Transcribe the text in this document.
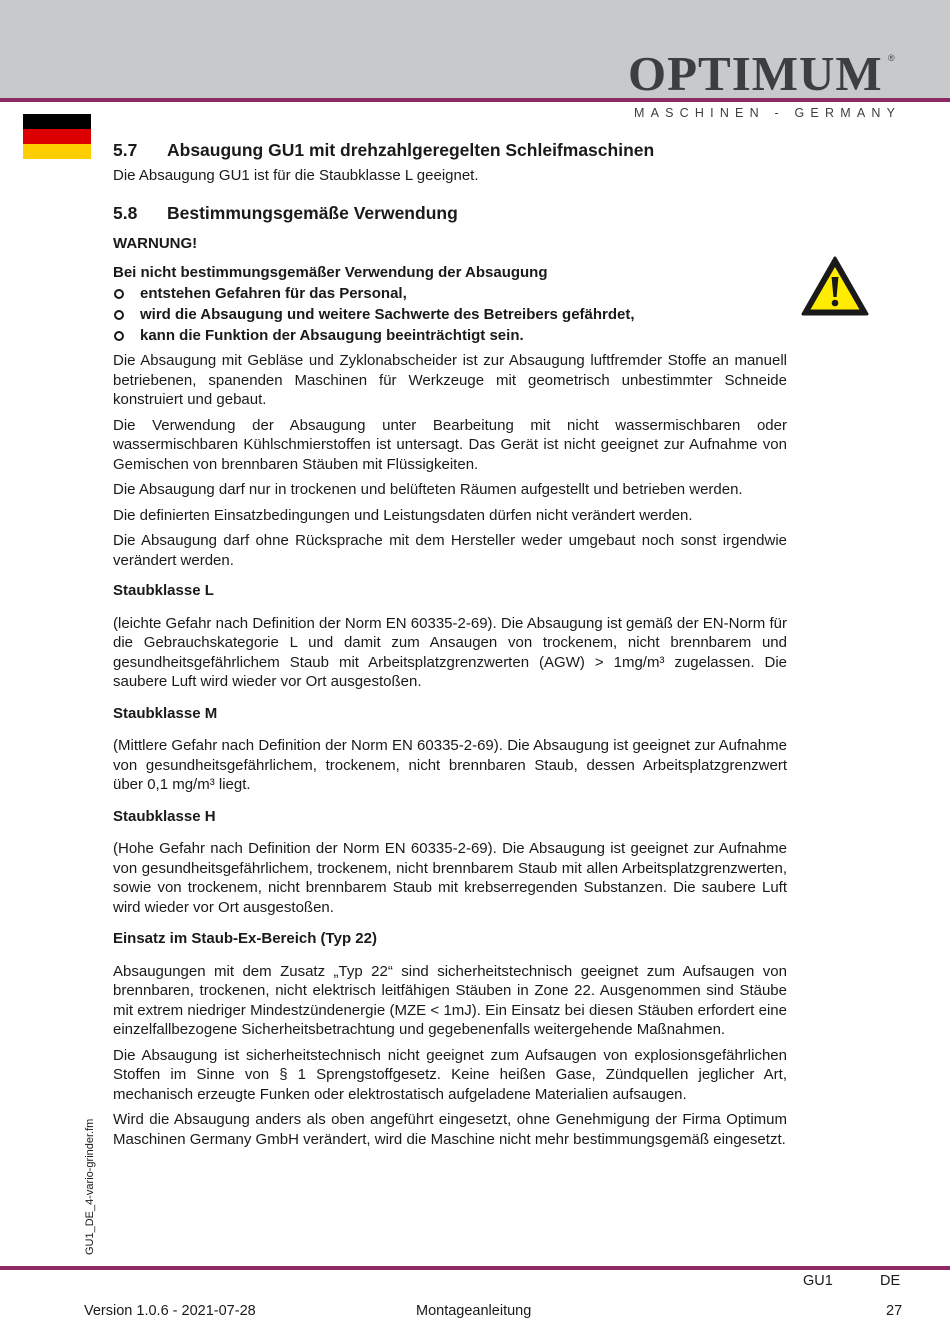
OPTIMUM ®
MASCHINEN - GERMANY
5.7 Absaugung GU1 mit drehzahlgeregelten Schleifmaschinen

Die Absaugung GU1 ist für die Staubklasse L geeignet.

5.8 Bestimmungsgemäße Verwendung

WARNUNG!

Bei nicht bestimmungsgemäßer Verwendung der Absaugung

entstehen Gefahren für das Personal,
wird die Absaugung und weitere Sachwerte des Betreibers gefährdet,
kann die Funktion der Absaugung beeinträchtigt sein.

Die Absaugung mit Gebläse und Zyklonabscheider ist zur Absaugung luftfremder Stoffe an manuell betriebenen, spanenden Maschinen für Werkzeuge mit geometrisch unbestimmter Schneide konstruiert und gebaut.

Die Verwendung der Absaugung unter Bearbeitung mit nicht wassermischbaren oder wassermischbaren Kühlschmierstoffen ist untersagt. Das Gerät ist nicht geeignet zur Aufnahme von Gemischen von brennbaren Stäuben mit Flüssigkeiten.

Die Absaugung darf nur in trockenen und belüfteten Räumen aufgestellt und betrieben werden.

Die definierten Einsatzbedingungen und Leistungsdaten dürfen nicht verändert werden.

Die Absaugung darf ohne Rücksprache mit dem Hersteller weder umgebaut noch sonst irgendwie verändert werden.

Staubklasse L

(leichte Gefahr nach Definition der Norm EN 60335-2-69). Die Absaugung ist gemäß der EN-Norm für die Gebrauchskategorie L und damit zum Ansaugen von trockenem, nicht brennbarem und gesundheitsgefährlichem Staub mit Arbeitsplatzgrenzwerten (AGW) > 1mg/m³ zugelassen. Die saubere Luft wird wieder vor Ort ausgestoßen.

Staubklasse M

(Mittlere Gefahr nach Definition der Norm EN 60335-2-69). Die Absaugung ist geeignet zur Aufnahme von gesundheitsgefährlichem, trockenem, nicht brennbaren Staub, dessen Arbeitsplatzgrenzwert über 0,1 mg/m³ liegt.

Staubklasse H

(Hohe Gefahr nach Definition der Norm EN 60335-2-69). Die Absaugung ist geeignet zur Aufnahme von gesundheitsgefährlichem, trockenem, nicht brennbarem Staub mit allen Arbeitsplatzgrenzwerten, sowie von trockenem, nicht brennbarem Staub mit krebserregenden Substanzen. Die saubere Luft wird wieder vor Ort ausgestoßen.

Einsatz im Staub-Ex-Bereich (Typ 22)

Absaugungen mit dem Zusatz „Typ 22“ sind sicherheitstechnisch geeignet zum Aufsaugen von brennbaren, trockenen, nicht elektrisch leitfähigen Stäuben in Zone 22. Ausgenommen sind Stäube mit extrem niedriger Mindestzündenergie (MZE < 1mJ). Ein Einsatz bei diesen Stäuben erfordert eine einzelfallbezogene Sicherheitsbetrachtung und gegebenenfalls weitergehende Maßnahmen.

Die Absaugung ist sicherheitstechnisch nicht geeignet zum Aufsaugen von explosionsgefährlichen Stoffen im Sinne von § 1 Sprengstoffgesetz. Keine heißen Gase, Zündquellen jeglicher Art, mechanisch erzeugte Funken oder elektrostatisch aufgeladene Materialien aufsaugen.

Wird die Absaugung anders als oben angeführt eingesetzt, ohne Genehmigung der Firma Optimum Maschinen Germany GmbH verändert, wird die Maschine nicht mehr bestimmungsgemäß eingesetzt.

GU1_DE_4-vario-grinder.fm
GU1	DE
Version 1.0.6 - 2021-07-28	Montageanleitung	27
